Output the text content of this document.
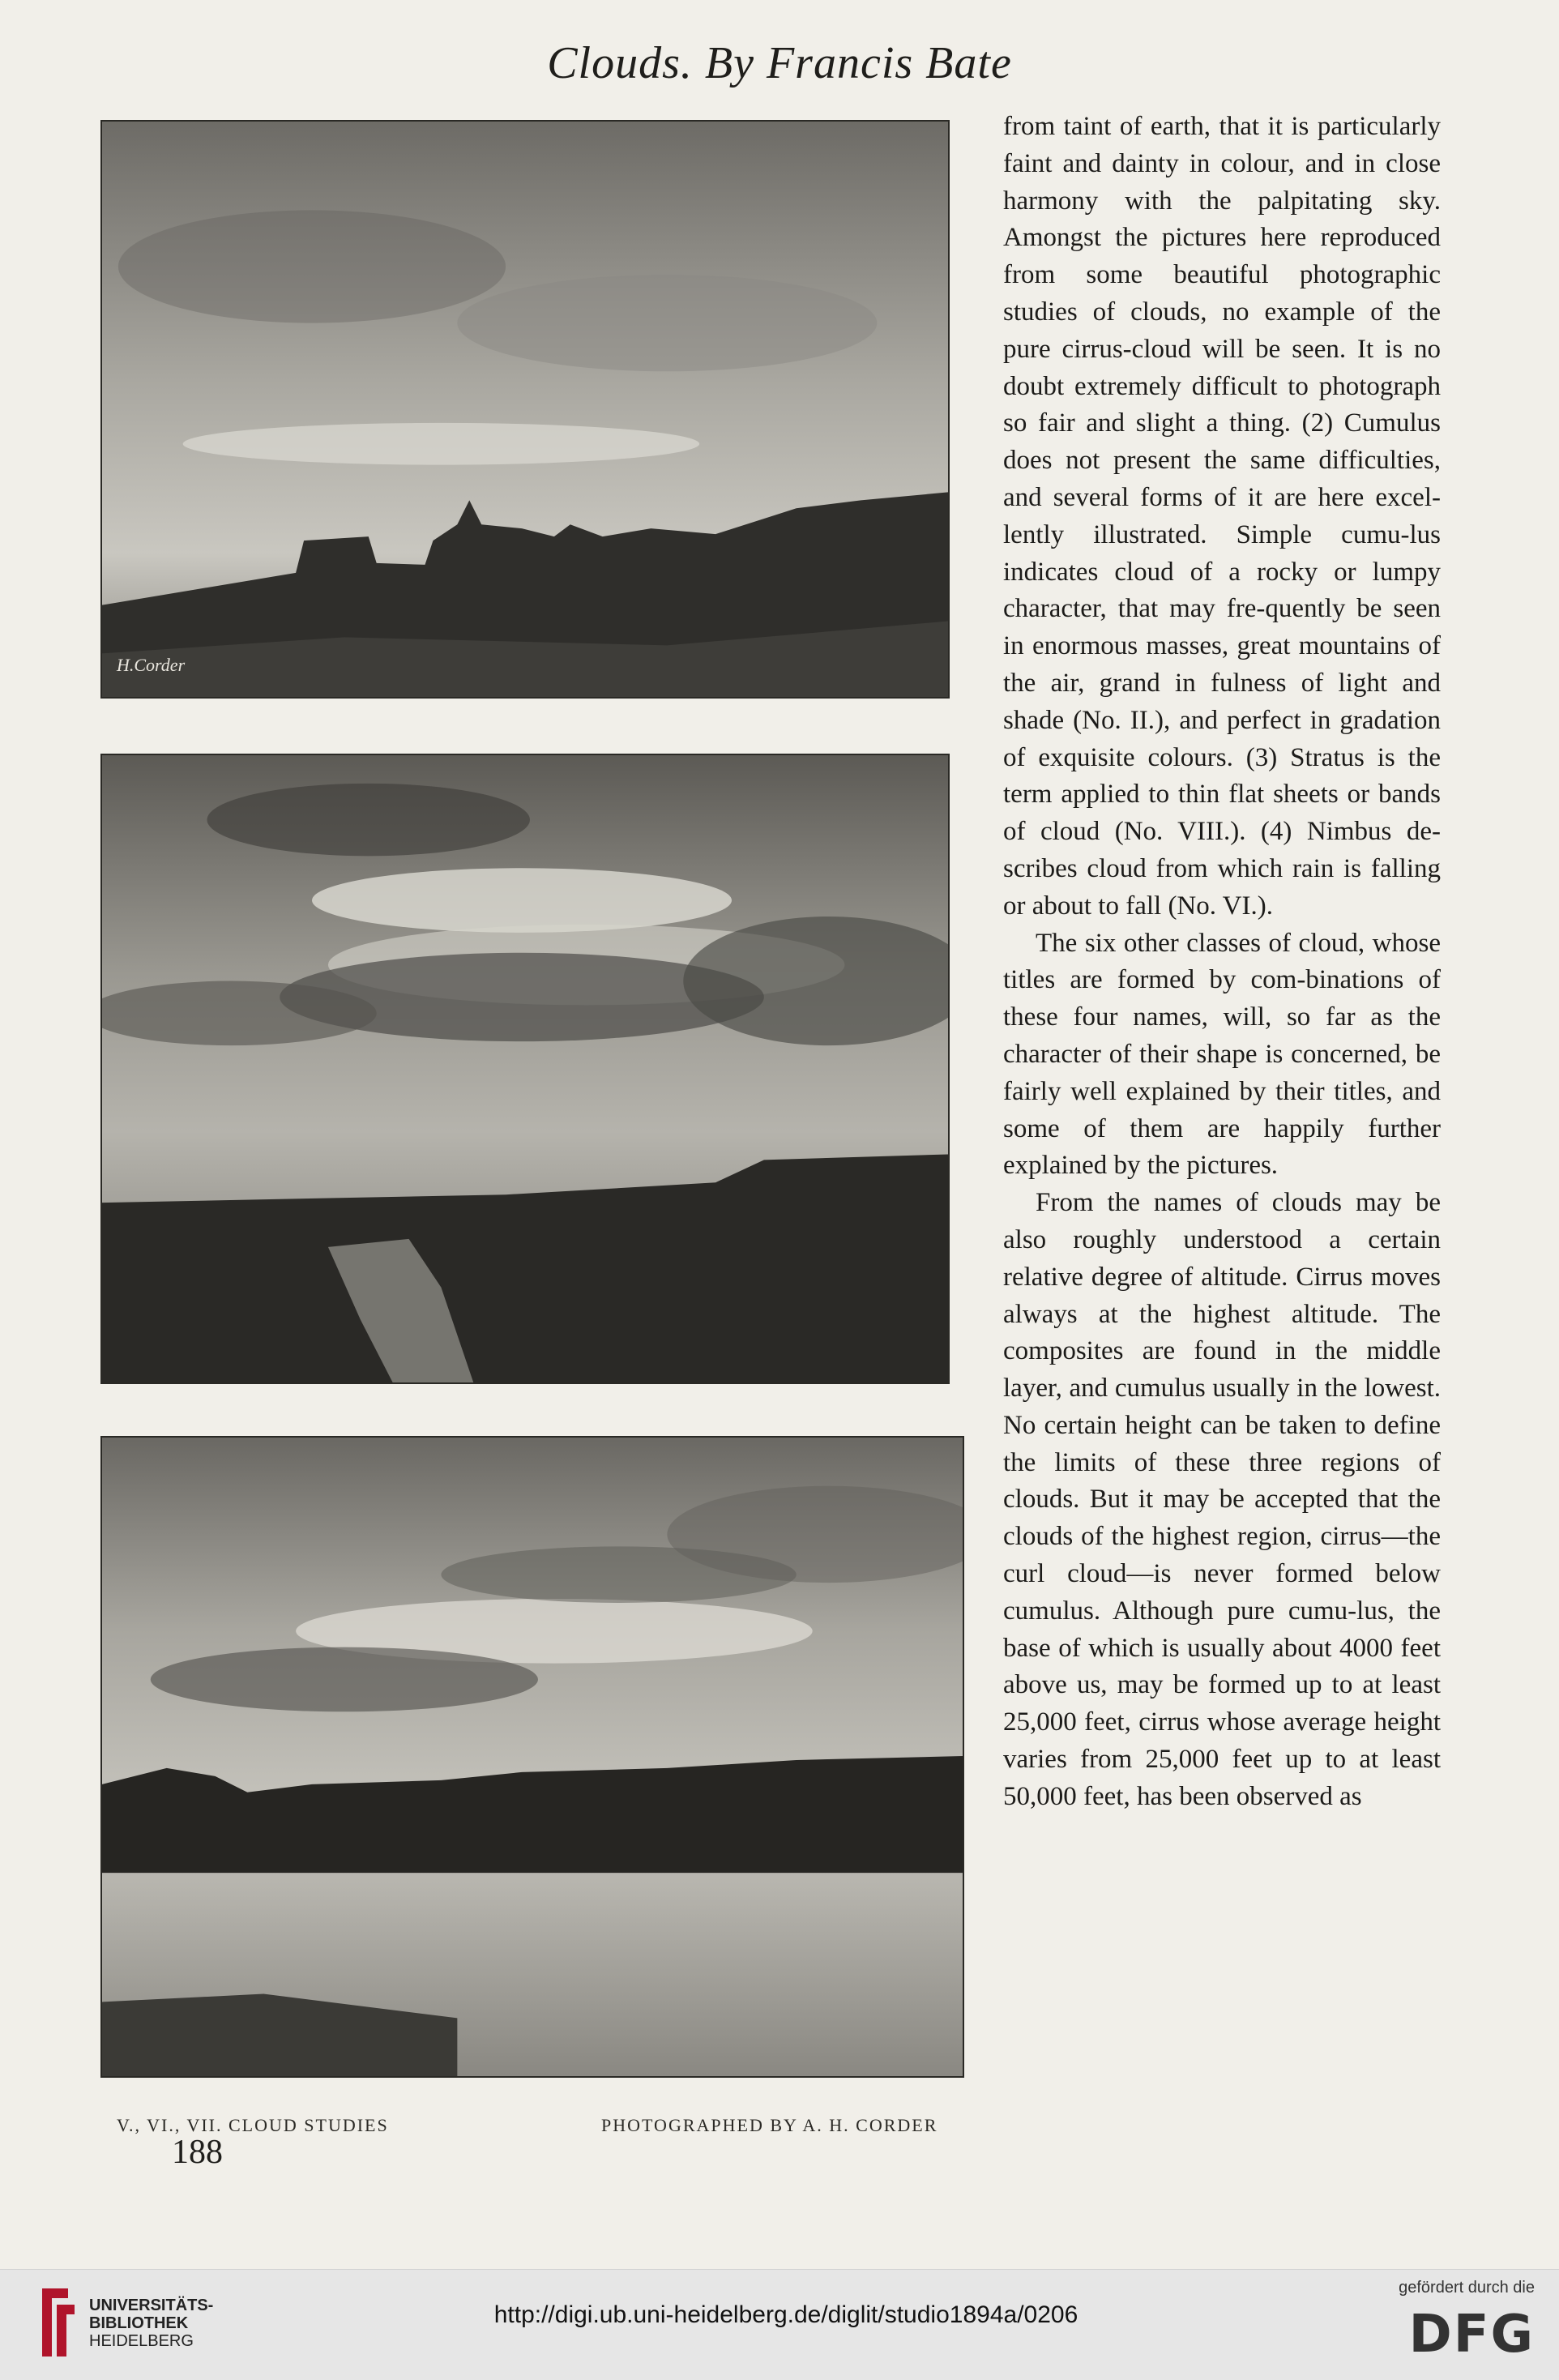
Clouds. By Francis Bate
H.Corder
V., VI., VII. CLOUD STUDIES	PHOTOGRAPHED BY A. H. CORDER
188

from taint of earth, that it is particularly faint and dainty in colour, and in close harmony with the palpitating sky. Amongst the pictures here reproduced from some beautiful photographic studies of clouds, no example of the pure cirrus-cloud will be seen. It is no doubt extremely difficult to photograph so fair and slight a thing. (2) Cumulus does not present the same difficulties, and several forms of it are here excel-lently illustrated. Simple cumu-lus indicates cloud of a rocky or lumpy character, that may fre-quently be seen in enormous masses, great mountains of the air, grand in fulness of light and shade (No. II.), and perfect in gradation of exquisite colours. (3) Stratus is the term applied to thin flat sheets or bands of cloud (No. VIII.). (4) Nimbus de-scribes cloud from which rain is falling or about to fall (No. VI.).

The six other classes of cloud, whose titles are formed by com-binations of these four names, will, so far as the character of their shape is concerned, be fairly well explained by their titles, and some of them are happily further explained by the pictures.

From the names of clouds may be also roughly understood a certain relative degree of altitude. Cirrus moves always at the highest altitude. The composites are found in the middle layer, and cumulus usually in the lowest. No certain height can be taken to define the limits of these three regions of clouds. But it may be accepted that the clouds of the highest region, cirrus—the curl cloud—is never formed below cumulus. Although pure cumu-lus, the base of which is usually about 4000 feet above us, may be formed up to at least 25,000 feet, cirrus whose average height varies from 25,000 feet up to at least 50,000 feet, has been observed as

UNIVERSITÄTS-
BIBLIOTHEK
HEIDELBERG
http://digi.ub.uni-heidelberg.de/diglit/studio1894a/0206
gefördert durch die
DFG
